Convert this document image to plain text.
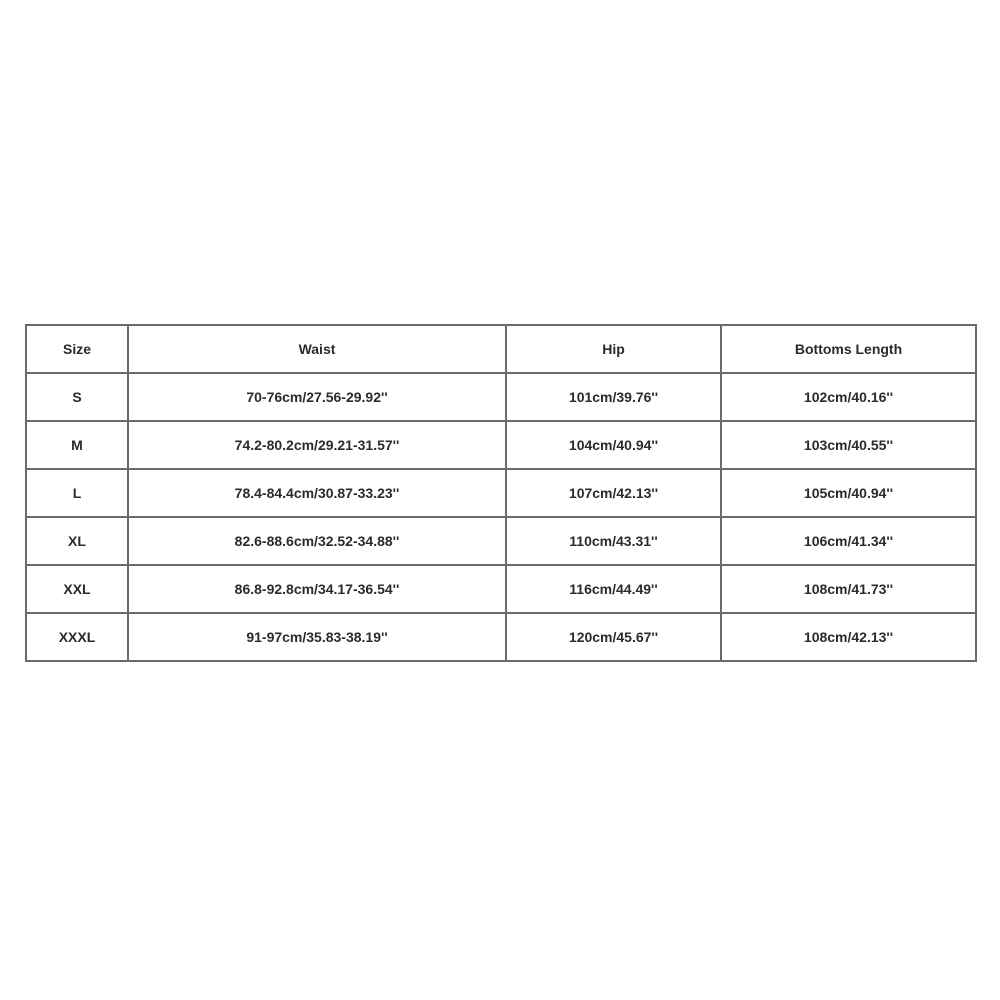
Size	Waist	Hip	Bottoms Length
S	70-76cm/27.56-29.92''	101cm/39.76''	102cm/40.16''
M	74.2-80.2cm/29.21-31.57''	104cm/40.94''	103cm/40.55''
L	78.4-84.4cm/30.87-33.23''	107cm/42.13''	105cm/40.94''
XL	82.6-88.6cm/32.52-34.88''	110cm/43.31''	106cm/41.34''
XXL	86.8-92.8cm/34.17-36.54''	116cm/44.49''	108cm/41.73''
XXXL	91-97cm/35.83-38.19''	120cm/45.67''	108cm/42.13''
